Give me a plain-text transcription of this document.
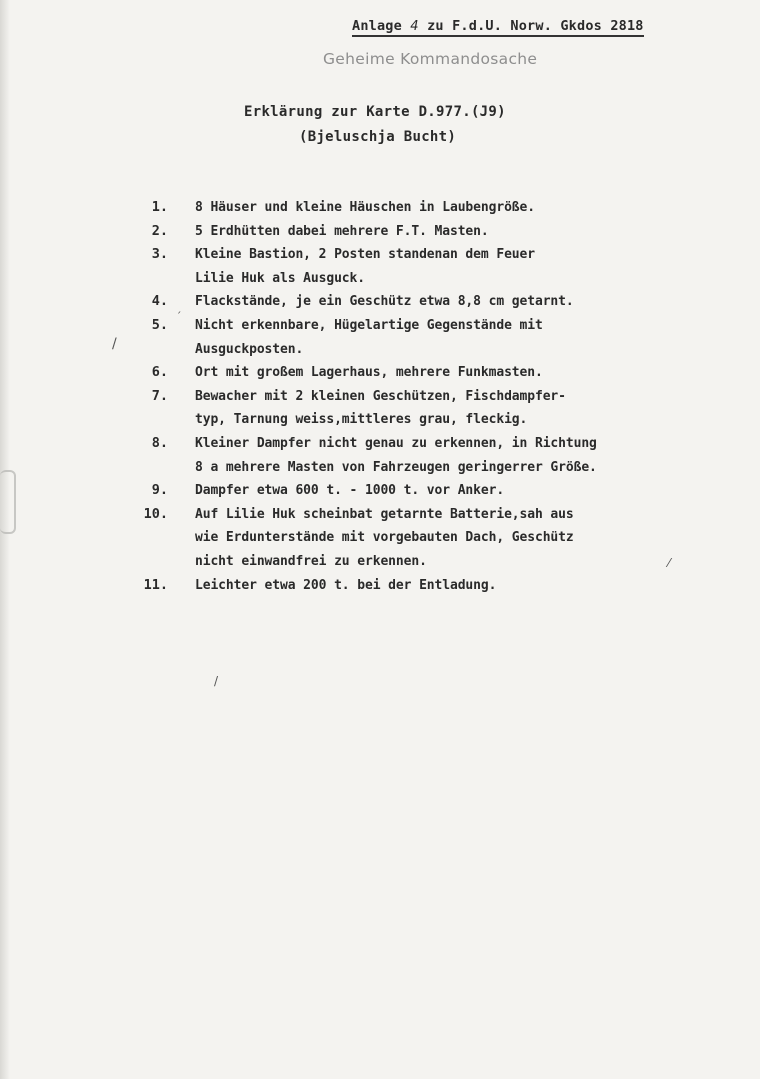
Anlage 4 zu F.d.U. Norw. Gkdos 2818
Geheime Kommandosache
Erklärung zur Karte D.977.(J9)
(Bjeluschja Bucht)
1. 8 Häuser und kleine Häuschen in Laubengröße.
2. 5 Erdhütten dabei mehrere F.T. Masten.
3. Kleine Bastion, 2 Posten standenan dem Feuer
Lilie Huk als Ausguck.
4. Flackstände, je ein Geschütz etwa 8,8 cm getarnt.
5. Nicht erkennbare, Hügelartige Gegenstände mit
Ausguckposten.
6. Ort mit großem Lagerhaus, mehrere Funkmasten.
7. Bewacher mit 2 kleinen Geschützen, Fischdampfer-
typ, Tarnung weiss,mittleres grau, fleckig.
8. Kleiner Dampfer nicht genau zu erkennen, in Richtung
8 a mehrere Masten von Fahrzeugen geringerrer Größe.
9. Dampfer etwa 600 t. - 1000 t. vor Anker.
10. Auf Lilie Huk scheinbat getarnte Batterie,sah aus
wie Erdunterstände mit vorgebauten Dach, Geschütz
nicht einwandfrei zu erkennen.
11. Leichter etwa 200 t. bei der Entladung.
/
´
/
⁄
